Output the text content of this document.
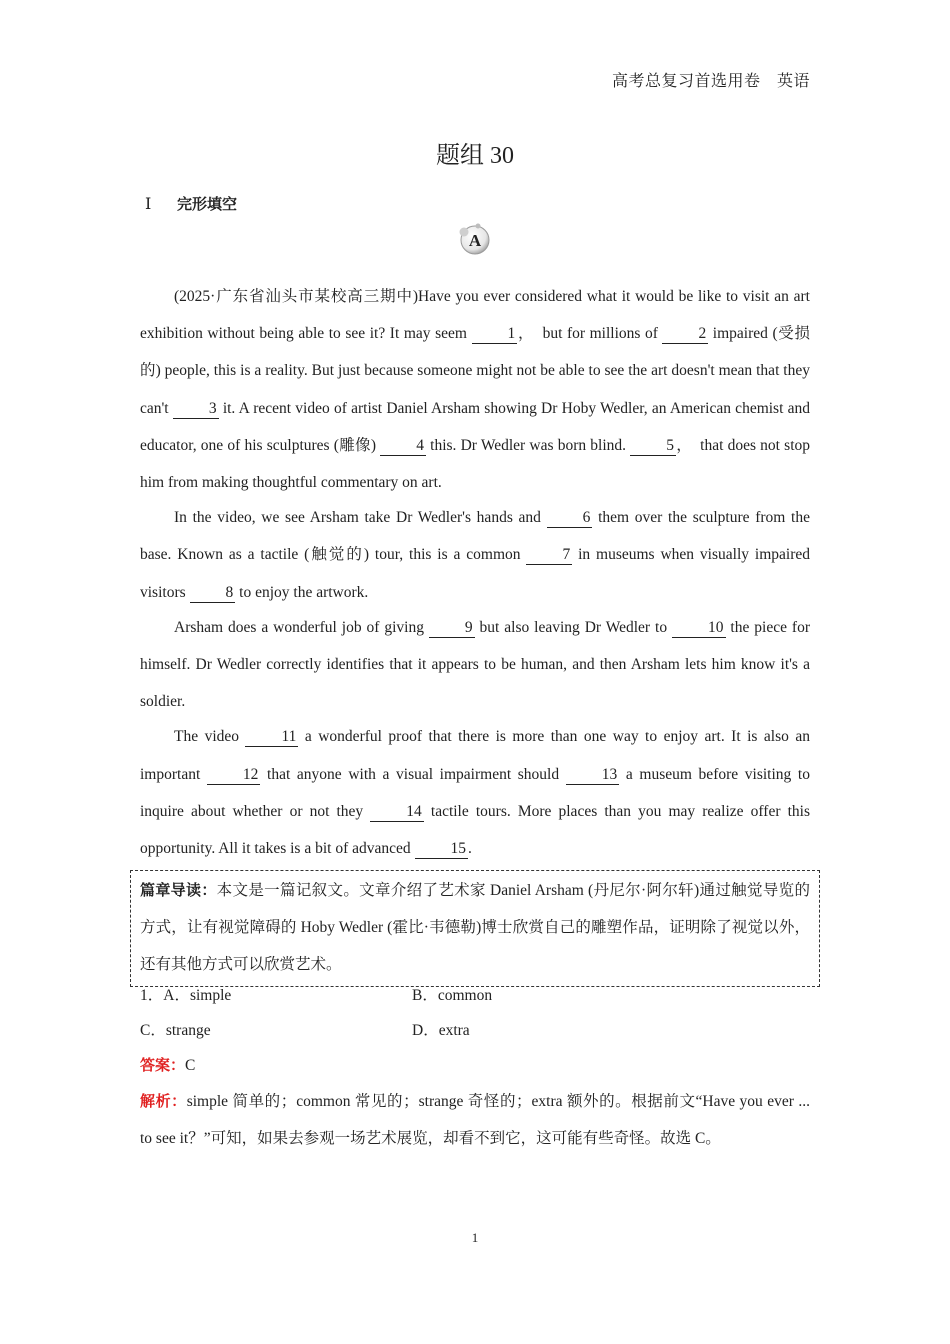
高考总复习首选用卷　英语
题组 30
Ⅰ 完形填空
A

(2025·广东省汕头市某校高三期中)Have you ever considered what it would be like to visit an art exhibition without being able to see it? It may seem 1 ，　but for millions of 2 impaired (受损的) people, this is a reality. But just because someone might not be able to see the art doesn't mean that they can't 3 it. A recent video of artist Daniel Arsham showing Dr Hoby Wedler, an American chemist and educator, one of his sculptures (雕像) 4 this. Dr Wedler was born blind. 5 ，　that does not stop him from making thoughtful commentary on art.

In the video, we see Arsham take Dr Wedler's hands and 6 them over the sculpture from the base. Known as a tactile (触觉的) tour, this is a common 7 in museums when visually impaired visitors 8 to enjoy the artwork.

Arsham does a wonderful job of giving 9 but also leaving Dr Wedler to 10 the piece for himself. Dr Wedler correctly identifies that it appears to be human, and then Arsham lets him know it's a soldier.

The video 11 a wonderful proof that there is more than one way to enjoy art. It is also an important 12 that anyone with a visual impairment should 13 a museum before visiting to inquire about whether or not they 14 tactile tours. More places than you may realize offer this opportunity. All it takes is a bit of advanced 15 .

篇章导读：本文是一篇记叙文。文章介绍了艺术家 Daniel Arsham (丹尼尔·阿尔轩)通过触觉导览的方式，让有视觉障碍的 Hoby Wedler (霍比·韦德勒)博士欣赏自己的雕塑作品，证明除了视觉以外，还有其他方式可以欣赏艺术。
1．A．simple	B．common
C．strange	D．extra
答案：C
解析：simple 简单的；common 常见的；strange 奇怪的；extra 额外的。根据前文“Have you ever ... to see it？”可知，如果去参观一场艺术展览，却看不到它，这可能有些奇怪。故选 C。
1
